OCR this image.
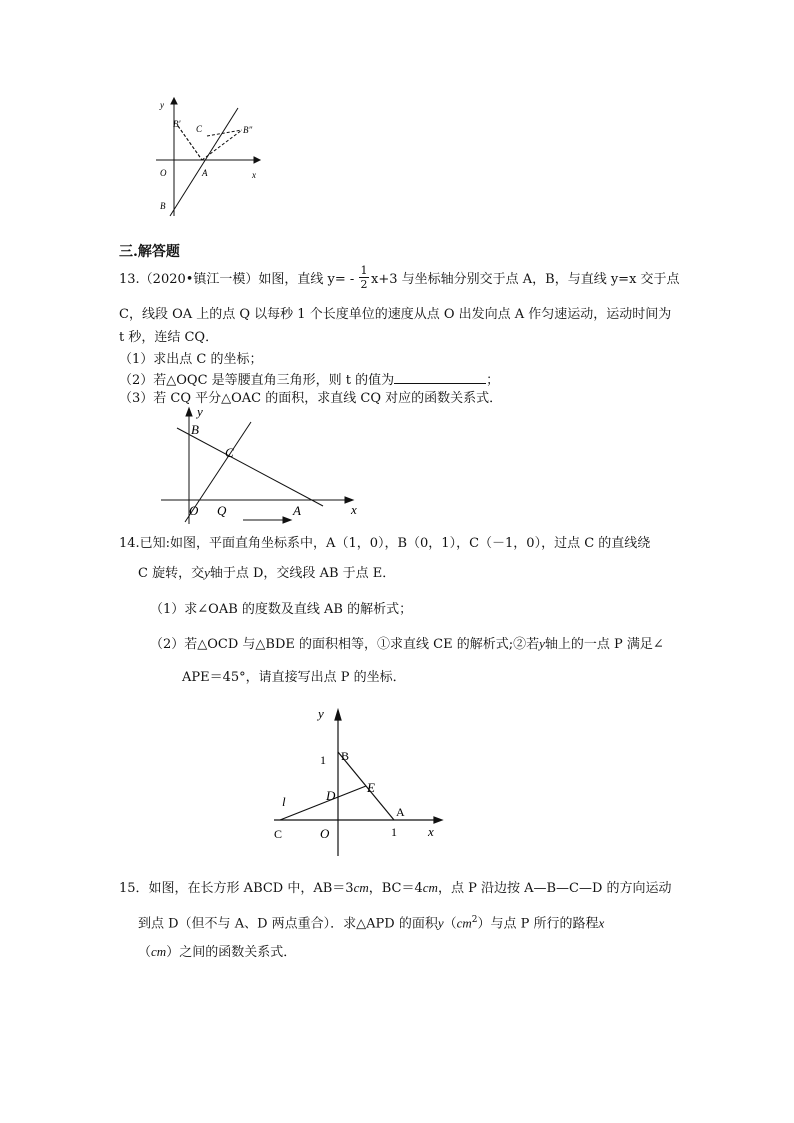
y
x
O	A
B
B'
B"
C
三.解答题
13.（2020•镇江一模）如图，直线 y= -
1
2 x+3 与坐标轴分别交于点 A，B，与直线 y=x 交于点
C，线段 OA 上的点 Q 以每秒 1 个长度单位的速度从点 O 出发向点 A 作匀速运动，运动时间为
t 秒，连结 CQ．
（1）求出点 C 的坐标；
（2）若△OQC 是等腰直角三角形，则 t 的值为	；
（3）若 CQ 平分△OAC 的面积，求直线 CQ 对应的函数关系式．
y
x
B
C
O Q	A
14.已知:如图，平面直角坐标系中，A（1，0），B（0，1），C（－1，0），过点 C 的直线绕
C 旋转，交y轴于点 D，交线段 AB 于点 E．
（1）求∠OAB 的度数及直线 AB 的解析式；
（2）若△OCD 与△BDE 的面积相等，①求直线 CE 的解析式;②若y轴上的一点 P 满足∠
APE＝45°，请直接写出点 P 的坐标．
y
x
1 B
E
l	D
A
C	O	1
15．如图，在长方形 ABCD 中，AB＝3cm，BC＝4cm，点 P 沿边按 A—B—C—D 的方向运动
到点 D（但不与 A、D 两点重合）．求△APD 的面积$y(cm^2)$与点 P 所行的路程x
（cm）之间的函数关系式．
